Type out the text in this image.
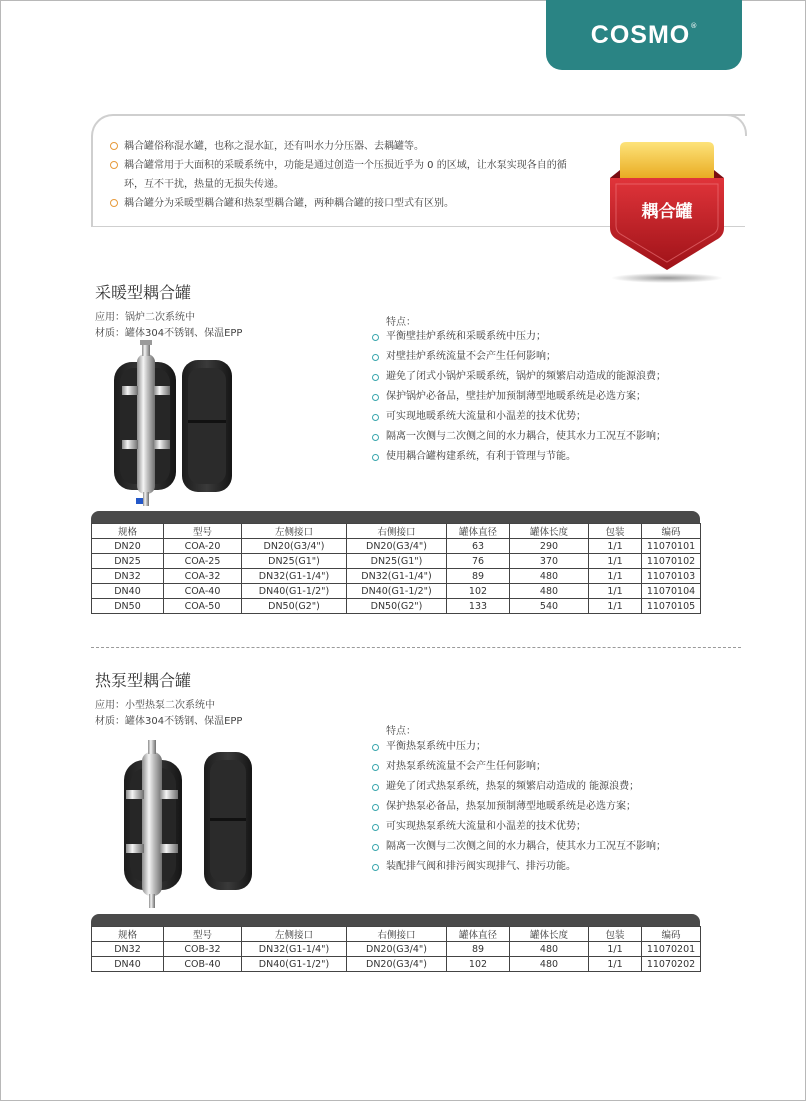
COSMO ®
耦合罐俗称混水罐，也称之混水缸，还有叫水力分压器、去耦罐等。
耦合罐常用于大面积的采暖系统中，功能是通过创造一个压损近乎为 0 的区域，让水泵实现各自的循环，互不干扰，热量的无损失传递。
耦合罐分为采暖型耦合罐和热泵型耦合罐，两种耦合罐的接口型式有区别。	耦合罐
采暖型耦合罐
应用：锅炉二次系统中
材质：罐体304不锈钢、保温EPP
特点：
平衡壁挂炉系统和采暖系统中压力；
对壁挂炉系统流量不会产生任何影响；
避免了闭式小锅炉采暖系统，锅炉的频繁启动造成的能源浪费；
保护锅炉必备品，壁挂炉加预制薄型地暖系统是必选方案；
可实现地暖系统大流量和小温差的技术优势；
隔离一次侧与二次侧之间的水力耦合，使其水力工况互不影响；
使用耦合罐构建系统，有利于管理与节能。
规格	型号	左侧接口	右侧接口	罐体直径	罐体长度	包装	编码
DN20	COA-20	DN20(G3/4")	DN20(G3/4")	63	290	1/1	11070101
DN25	COA-25	DN25(G1")	DN25(G1")	76	370	1/1	11070102
DN32	COA-32	DN32(G1-1/4")	DN32(G1-1/4")	89	480	1/1	11070103
DN40	COA-40	DN40(G1-1/2")	DN40(G1-1/2")	102	480	1/1	11070104
DN50	COA-50	DN50(G2")	DN50(G2")	133	540	1/1	11070105
热泵型耦合罐
应用：小型热泵二次系统中
材质：罐体304不锈钢、保温EPP
特点：
平衡热泵系统中压力；
对热泵系统流量不会产生任何影响；
避免了闭式热泵系统，热泵的频繁启动造成的 能源浪费；
保护热泵必备品，热泵加预制薄型地暖系统是必选方案；
可实现热泵系统大流量和小温差的技术优势；
隔离一次侧与二次侧之间的水力耦合，使其水力工况互不影响；
装配排气阀和排污阀实现排气、排污功能。
规格	型号	左侧接口	右侧接口	罐体直径	罐体长度	包装	编码
DN32	COB-32	DN32(G1-1/4")	DN20(G3/4")	89	480	1/1	11070201
DN40	COB-40	DN40(G1-1/2")	DN20(G3/4")	102	480	1/1	11070202
